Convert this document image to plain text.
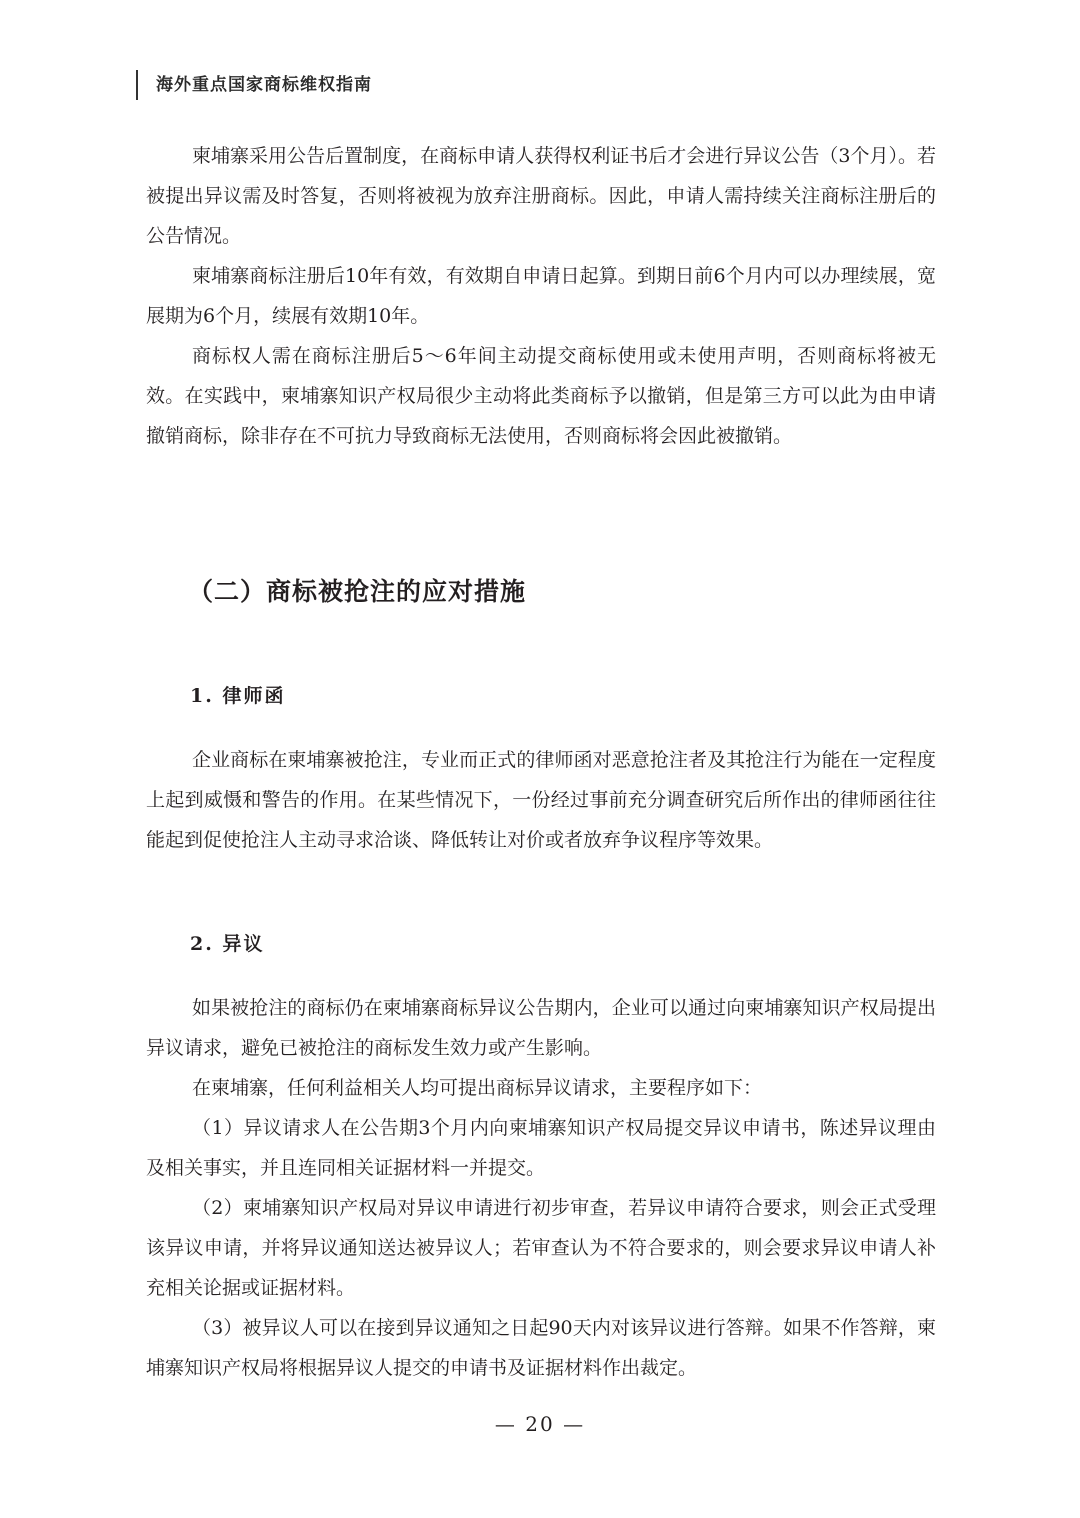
海外重点国家商标维权指南

柬埔寨采用公告后置制度，在商标申请人获得权利证书后才会进行异议公告（3个月）。若被提出异议需及时答复，否则将被视为放弃注册商标。因此，申请人需持续关注商标注册后的公告情况。

柬埔寨商标注册后10年有效，有效期自申请日起算。到期日前6个月内可以办理续展，宽展期为6个月，续展有效期10年。

商标权人需在商标注册后5～6年间主动提交商标使用或未使用声明，否则商标将被无效。在实践中，柬埔寨知识产权局很少主动将此类商标予以撤销，但是第三方可以此为由申请撤销商标，除非存在不可抗力导致商标无法使用，否则商标将会因此被撤销。

（二）商标被抢注的应对措施
1. 律师函

企业商标在柬埔寨被抢注，专业而正式的律师函对恶意抢注者及其抢注行为能在一定程度上起到威慑和警告的作用。在某些情况下，一份经过事前充分调查研究后所作出的律师函往往能起到促使抢注人主动寻求洽谈、降低转让对价或者放弃争议程序等效果。

2. 异议

如果被抢注的商标仍在柬埔寨商标异议公告期内，企业可以通过向柬埔寨知识产权局提出异议请求，避免已被抢注的商标发生效力或产生影响。

在柬埔寨，任何利益相关人均可提出商标异议请求，主要程序如下：

（1）异议请求人在公告期3个月内向柬埔寨知识产权局提交异议申请书，陈述异议理由及相关事实，并且连同相关证据材料一并提交。

（2）柬埔寨知识产权局对异议申请进行初步审查，若异议申请符合要求，则会正式受理该异议申请，并将异议通知送达被异议人；若审查认为不符合要求的，则会要求异议申请人补充相关论据或证据材料。

（3）被异议人可以在接到异议通知之日起90天内对该异议进行答辩。如果不作答辩，柬埔寨知识产权局将根据异议人提交的申请书及证据材料作出裁定。

— 20 —
